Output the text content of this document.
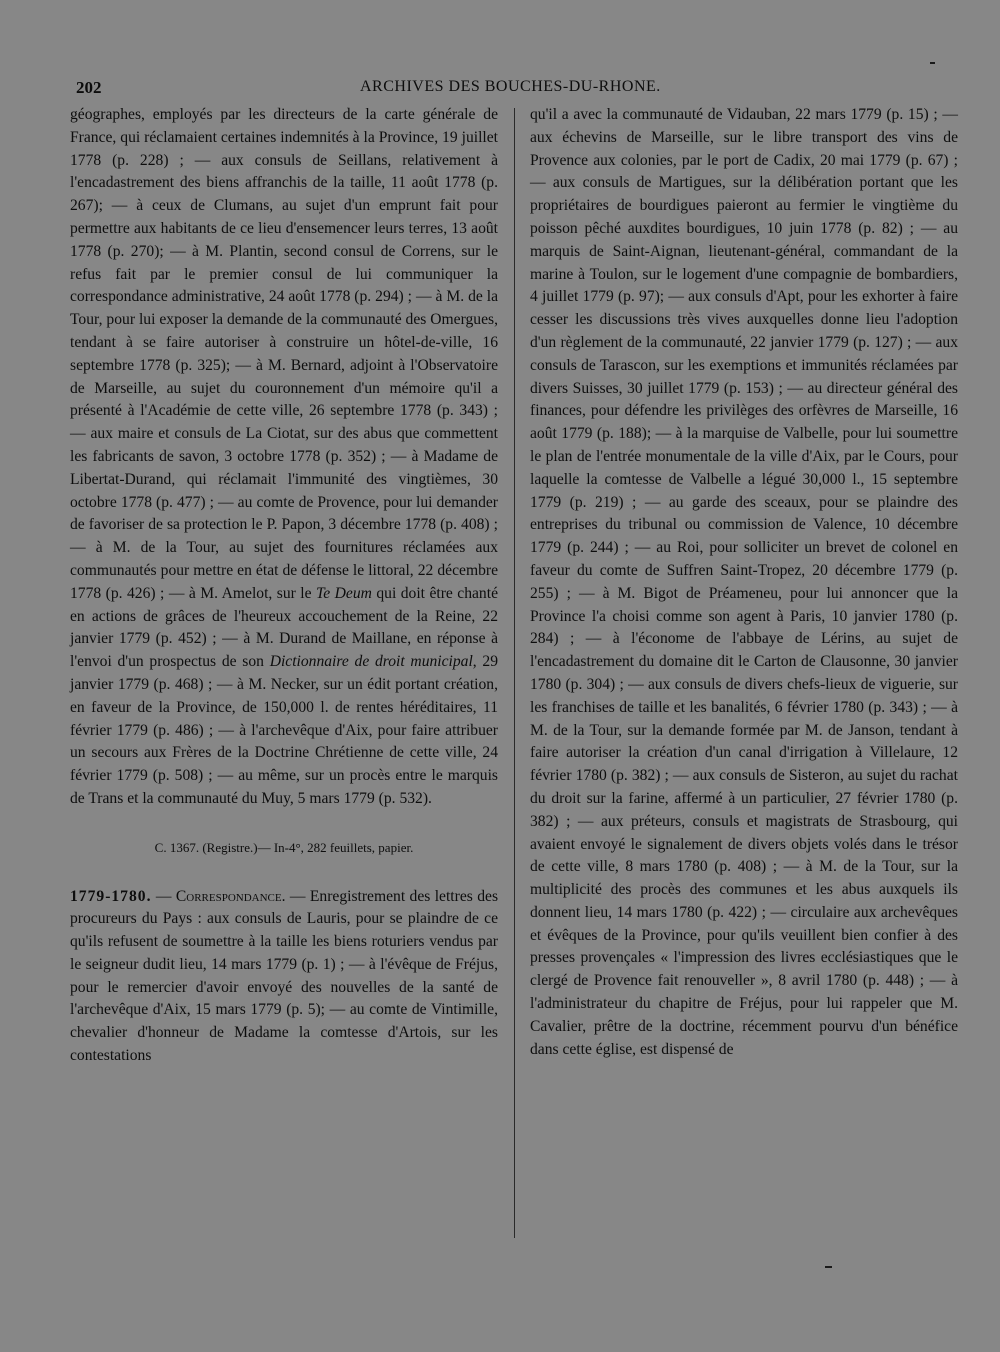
202	ARCHIVES DES BOUCHES-DU-RHONE.

géographes, employés par les directeurs de la carte générale de France, qui réclamaient certaines indemnités à la Province, 19 juillet 1778 (p. 228) ; — aux consuls de Seillans, relativement à l'encadastrement des biens affranchis de la taille, 11 août 1778 (p. 267); — à ceux de Clumans, au sujet d'un emprunt fait pour permettre aux habitants de ce lieu d'ensemencer leurs terres, 13 août 1778 (p. 270); — à M. Plantin, second consul de Correns, sur le refus fait par le premier consul de lui communiquer la correspondance administrative, 24 août 1778 (p. 294) ; — à M. de la Tour, pour lui exposer la demande de la communauté des Omergues, tendant à se faire autoriser à construire un hôtel-de-ville, 16 septembre 1778 (p. 325); — à M. Bernard, adjoint à l'Observatoire de Marseille, au sujet du couronnement d'un mémoire qu'il a présenté à l'Académie de cette ville, 26 septembre 1778 (p. 343) ; — aux maire et consuls de La Ciotat, sur des abus que commettent les fabricants de savon, 3 octobre 1778 (p. 352) ; — à Madame de Libertat-Durand, qui réclamait l'immunité des vingtièmes, 30 octobre 1778 (p. 477) ; — au comte de Provence, pour lui demander de favoriser de sa protection le P. Papon, 3 décembre 1778 (p. 408) ; — à M. de la Tour, au sujet des fournitures réclamées aux communautés pour mettre en état de défense le littoral, 22 décembre 1778 (p. 426) ; — à M. Amelot, sur le Te Deum qui doit être chanté en actions de grâces de l'heureux accouchement de la Reine, 22 janvier 1779 (p. 452) ; — à M. Durand de Maillane, en réponse à l'envoi d'un prospectus de son Dictionnaire de droit municipal, 29 janvier 1779 (p. 468) ; — à M. Necker, sur un édit portant création, en faveur de la Province, de 150,000 l. de rentes héréditaires, 11 février 1779 (p. 486) ; — à l'archevêque d'Aix, pour faire attribuer un secours aux Frères de la Doctrine Chrétienne de cette ville, 24 février 1779 (p. 508) ; — au même, sur un procès entre le marquis de Trans et la communauté du Muy, 5 mars 1779 (p. 532).

C. 1367. (Registre.)— In-4°, 282 feuillets, papier.

1779-1780. — Correspondance. — Enregistrement des lettres des procureurs du Pays : aux consuls de Lauris, pour se plaindre de ce qu'ils refusent de soumettre à la taille les biens roturiers vendus par le seigneur dudit lieu, 14 mars 1779 (p. 1) ; — à l'évêque de Fréjus, pour le remercier d'avoir envoyé des nouvelles de la santé de l'archevêque d'Aix, 15 mars 1779 (p. 5); — au comte de Vintimille, chevalier d'honneur de Madame la comtesse d'Artois, sur les contestations

qu'il a avec la communauté de Vidauban, 22 mars 1779 (p. 15) ; — aux échevins de Marseille, sur le libre transport des vins de Provence aux colonies, par le port de Cadix, 20 mai 1779 (p. 67) ; — aux consuls de Martigues, sur la délibération portant que les propriétaires de bourdigues paieront au fermier le vingtième du poisson pêché auxdites bourdigues, 10 juin 1778 (p. 82) ; — au marquis de Saint-Aignan, lieutenant-général, commandant de la marine à Toulon, sur le logement d'une compagnie de bombardiers, 4 juillet 1779 (p. 97); — aux consuls d'Apt, pour les exhorter à faire cesser les discussions très vives auxquelles donne lieu l'adoption d'un règlement de la communauté, 22 janvier 1779 (p. 127) ; — aux consuls de Tarascon, sur les exemptions et immunités réclamées par divers Suisses, 30 juillet 1779 (p. 153) ; — au directeur général des finances, pour défendre les privilèges des orfèvres de Marseille, 16 août 1779 (p. 188); — à la marquise de Valbelle, pour lui soumettre le plan de l'entrée monumentale de la ville d'Aix, par le Cours, pour laquelle la comtesse de Valbelle a légué 30,000 l., 15 septembre 1779 (p. 219) ; — au garde des sceaux, pour se plaindre des entreprises du tribunal ou commission de Valence, 10 décembre 1779 (p. 244) ; — au Roi, pour solliciter un brevet de colonel en faveur du comte de Suffren Saint-Tropez, 20 décembre 1779 (p. 255) ; — à M. Bigot de Préameneu, pour lui annoncer que la Province l'a choisi comme son agent à Paris, 10 janvier 1780 (p. 284) ; — à l'économe de l'abbaye de Lérins, au sujet de l'encadastrement du domaine dit le Carton de Clausonne, 30 janvier 1780 (p. 304) ; — aux consuls de divers chefs-lieux de viguerie, sur les franchises de taille et les banalités, 6 février 1780 (p. 343) ; — à M. de la Tour, sur la demande formée par M. de Janson, tendant à faire autoriser la création d'un canal d'irrigation à Villelaure, 12 février 1780 (p. 382) ; — aux consuls de Sisteron, au sujet du rachat du droit sur la farine, affermé à un particulier, 27 février 1780 (p. 382) ; — aux préteurs, consuls et magistrats de Strasbourg, qui avaient envoyé le signalement de divers objets volés dans le trésor de cette ville, 8 mars 1780 (p. 408) ; — à M. de la Tour, sur la multiplicité des procès des communes et les abus auxquels ils donnent lieu, 14 mars 1780 (p. 422) ; — circulaire aux archevêques et évêques de la Province, pour qu'ils veuillent bien confier à des presses provençales « l'impression des livres ecclésiastiques que le clergé de Provence fait renouveller », 8 avril 1780 (p. 448) ; — à l'administrateur du chapitre de Fréjus, pour lui rappeler que M. Cavalier, prêtre de la doctrine, récemment pourvu d'un bénéfice dans cette église, est dispensé de
